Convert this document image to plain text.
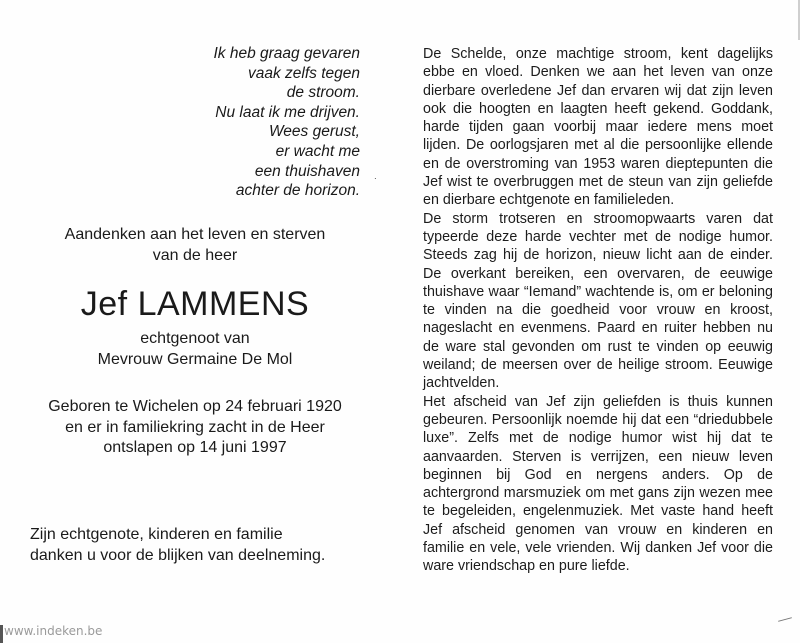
Ik heb graag gevaren
vaak zelfs tegen
de stroom.
Nu laat ik me drijven.
Wees gerust,
er wacht me
een thuishaven
achter de horizon.
․
Aandenken aan het leven en sterven
van de heer
Jef LAMMENS
echtgenoot van
Mevrouw Germaine De Mol
Geboren te Wichelen op 24 februari 1920
en er in familiekring zacht in de Heer
ontslapen op 14 juni 1997
Zijn echtgenote, kinderen en familie
danken u voor de blijken van deelneming.

De Schelde, onze machtige stroom, kent dagelijks ebbe en vloed. Denken we aan het leven van onze dierbare overledene Jef dan ervaren wij dat zijn leven ook die hoogten en laagten heeft gekend. Goddank, harde tijden gaan voorbij maar iedere mens moet lijden. De oorlogsjaren met al die persoonlijke ellende en de overstroming van 1953 waren dieptepunten die Jef wist te overbruggen met de steun van zijn geliefde en dierbare echtgenote en familieleden.

De storm trotseren en stroomopwaarts varen dat typeerde deze harde vechter met de nodige humor. Steeds zag hij de horizon, nieuw licht aan de einder. De overkant bereiken, een overvaren, de eeuwige thuishave waar “Iemand” wachtende is, om er beloning te vinden na die goedheid voor vrouw en kroost, nageslacht en evenmens. Paard en ruiter hebben nu de ware stal gevonden om rust te vinden op eeuwig weiland; de meersen over de heilige stroom. Eeuwige jachtvelden.

Het afscheid van Jef zijn geliefden is thuis kunnen gebeuren. Persoonlijk noemde hij dat een “driedubbele luxe”. Zelfs met de nodige humor wist hij dat te aanvaarden. Sterven is verrijzen, een nieuw leven beginnen bij God en nergens anders. Op de achtergrond marsmuziek om met gans zijn wezen mee te begeleiden, engelenmuziek. Met vaste hand heeft Jef afscheid genomen van vrouw en kinderen en familie en vele, vele vrienden. Wij danken Jef voor die ware vriendschap en pure liefde.

www.indeken.be
